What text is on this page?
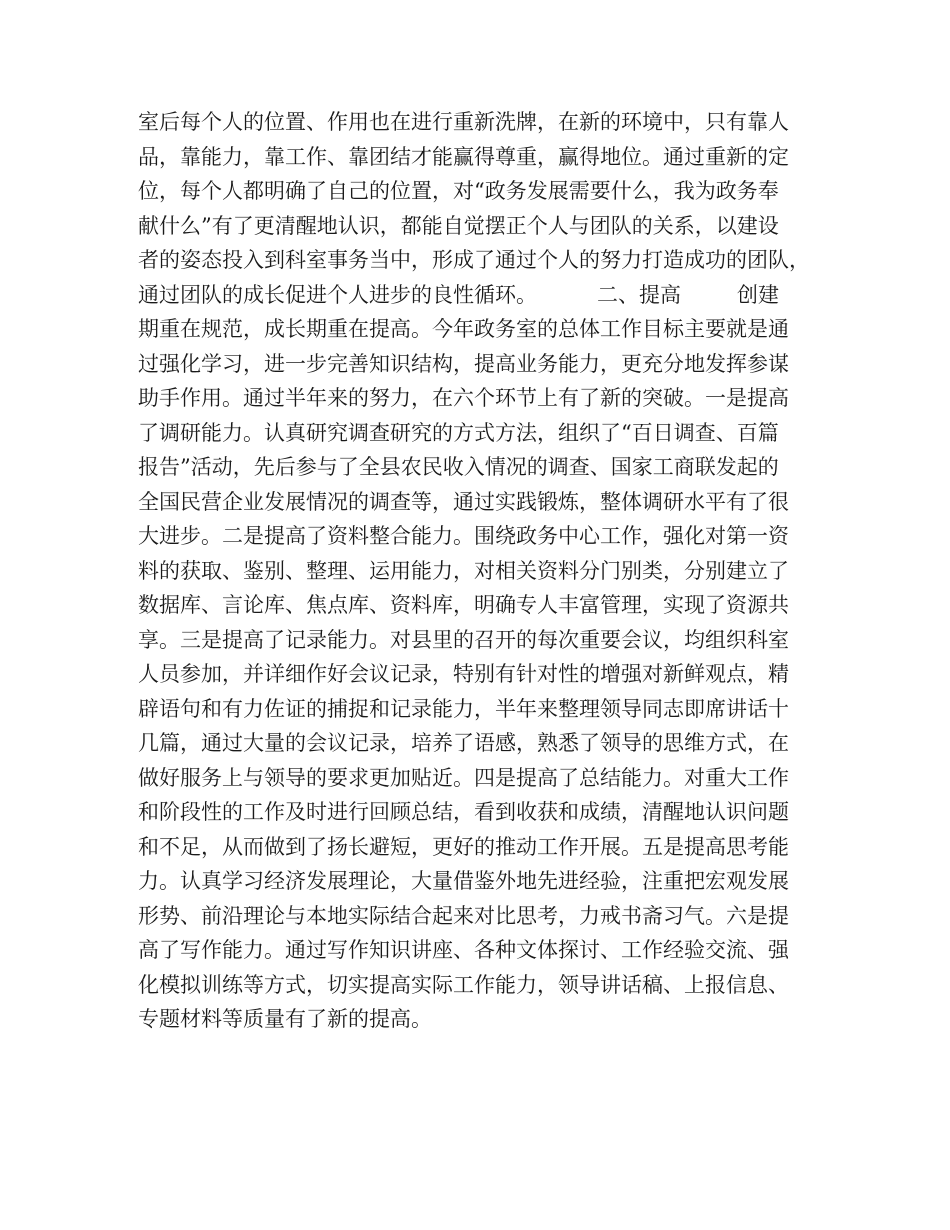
室后每个人的位置、作用也在进行重新洗牌，在新的环境中，只有靠人
品，靠能力，靠工作、靠团结才能赢得尊重，赢得地位。通过重新的定
位，每个人都明确了自己的位置，对“政务发展需要什么，我为政务奉
献什么”有了更清醒地认识，都能自觉摆正个人与团队的关系，以建设
者的姿态投入到科室事务当中，形成了通过个人的努力打造成功的团队，
通过团队的成长促进个人进步的良性循环。	二、提高	创建
期重在规范，成长期重在提高。今年政务室的总体工作目标主要就是通
过强化学习，进一步完善知识结构，提高业务能力，更充分地发挥参谋
助手作用。通过半年来的努力，在六个环节上有了新的突破。一是提高
了调研能力。认真研究调查研究的方式方法，组织了“百日调查、百篇
报告”活动，先后参与了全县农民收入情况的调查、国家工商联发起的
全国民营企业发展情况的调查等，通过实践锻炼，整体调研水平有了很
大进步。二是提高了资料整合能力。围绕政务中心工作，强化对第一资
料的获取、鉴别、整理、运用能力，对相关资料分门别类，分别建立了
数据库、言论库、焦点库、资料库，明确专人丰富管理，实现了资源共
享。三是提高了记录能力。对县里的召开的每次重要会议，均组织科室
人员参加，并详细作好会议记录，特别有针对性的增强对新鲜观点，精
辟语句和有力佐证的捕捉和记录能力，半年来整理领导同志即席讲话十
几篇，通过大量的会议记录，培养了语感，熟悉了领导的思维方式，在
做好服务上与领导的要求更加贴近。四是提高了总结能力。对重大工作
和阶段性的工作及时进行回顾总结，看到收获和成绩，清醒地认识问题
和不足，从而做到了扬长避短，更好的推动工作开展。五是提高思考能
力。认真学习经济发展理论，大量借鉴外地先进经验，注重把宏观发展
形势、前沿理论与本地实际结合起来对比思考，力戒书斋习气。六是提
高了写作能力。通过写作知识讲座、各种文体探讨、工作经验交流、强
化模拟训练等方式，切实提高实际工作能力，领导讲话稿、上报信息、
专题材料等质量有了新的提高。
